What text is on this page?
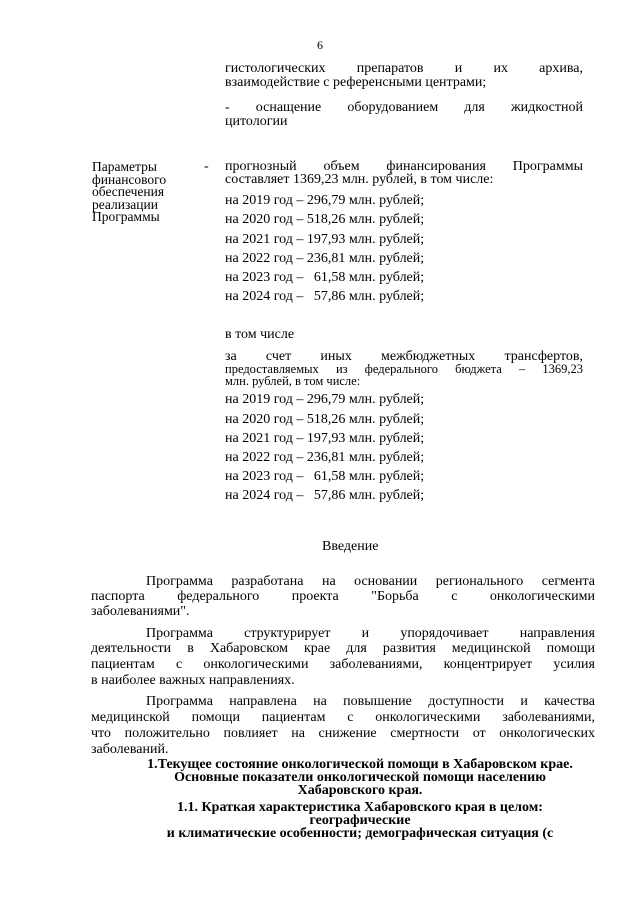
6
гистологических препаратов и их архива,
взаимодействие с референсными центрами;
- оснащение оборудованием для жидкостной
цитологии
Параметры
финансового
обеспечения
реализации
Программы
- прогнозный объем финансирования Программы
составляет 1369,23 млн. рублей, в том числе:
на 2019 год – 296,79 млн. рублей;
на 2020 год – 518,26 млн. рублей;
на 2021 год – 197,93 млн. рублей;
на 2022 год – 236,81 млн. рублей;
на 2023 год –   61,58 млн. рублей;
на 2024 год –   57,86 млн. рублей;
в том числе
за счет иных межбюджетных трансфертов,
предоставляемых из федерального бюджета – 1369,23
млн. рублей, в том числе:
на 2019 год – 296,79 млн. рублей;
на 2020 год – 518,26 млн. рублей;
на 2021 год – 197,93 млн. рублей;
на 2022 год – 236,81 млн. рублей;
на 2023 год –   61,58 млн. рублей;
на 2024 год –   57,86 млн. рублей;
Введение
Программа разработана на основании регионального сегмента
паспорта федерального проекта "Борьба с онкологическими
заболеваниями".
Программа структурирует и упорядочивает направления
деятельности в Хабаровском крае для развития медицинской помощи
пациентам с онкологическими заболеваниями, концентрирует усилия
в наиболее важных направлениях.
Программа направлена на повышение доступности и качества
медицинской помощи пациентам с онкологическими заболеваниями,
что положительно повлияет на снижение смертности от онкологических
заболеваний.
1.Текущее состояние онкологической помощи в Хабаровском крае.
Основные показатели онкологической помощи населению
Хабаровского края.
1.1. Краткая характеристика Хабаровского края в целом:
географические
и климатические особенности; демографическая ситуация (с
